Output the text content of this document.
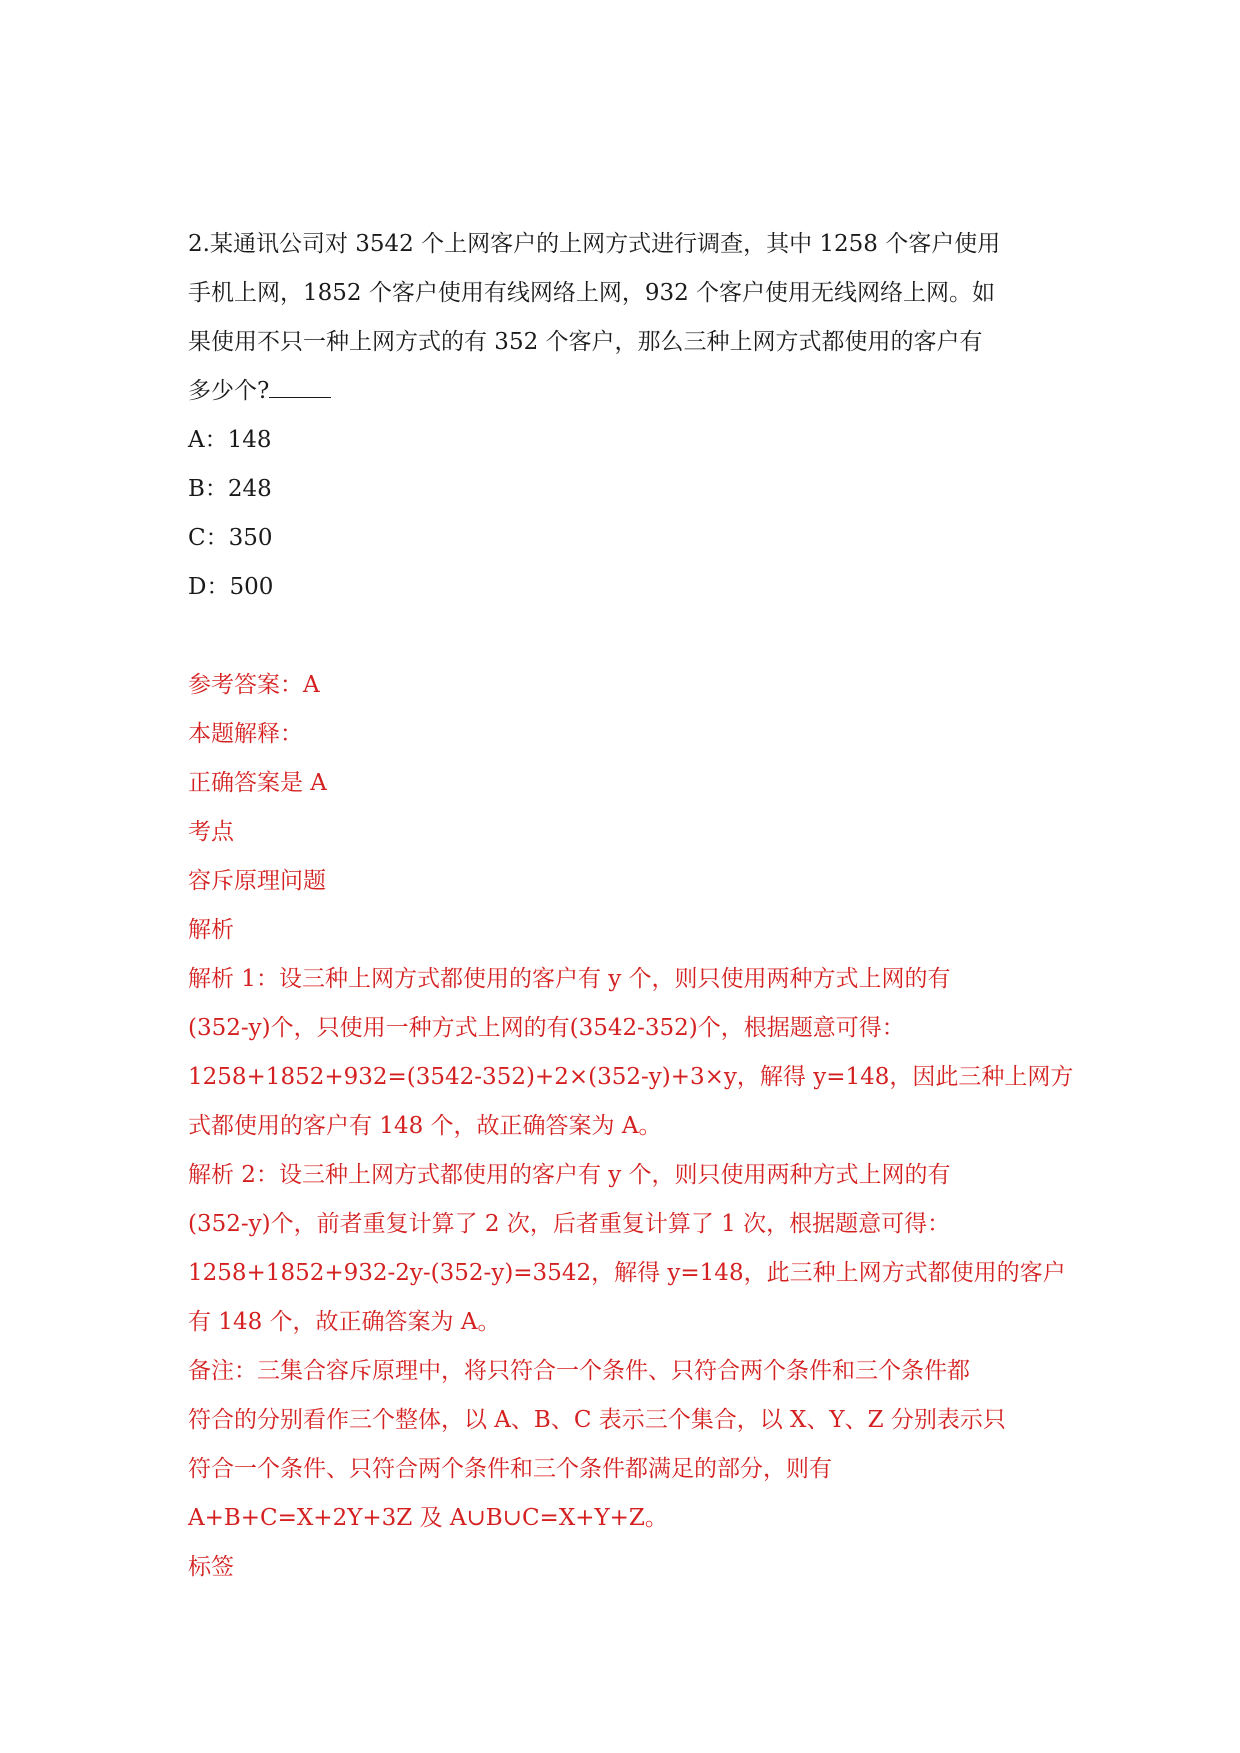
2.某通讯公司对 3542 个上网客户的上网方式进行调查，其中 1258 个客户使用
手机上网，1852 个客户使用有线网络上网，932 个客户使用无线网络上网。如
果使用不只一种上网方式的有 352 个客户，那么三种上网方式都使用的客户有
多少个?
A：148
B：248
C：350
D：500
参考答案：A
本题解释：
正确答案是 A
考点
容斥原理问题
解析
解析 1：设三种上网方式都使用的客户有 y 个，则只使用两种方式上网的有
(352-y)个，只使用一种方式上网的有(3542-352)个，根据题意可得：
1258+1852+932=(3542-352)+2×(352-y)+3×y，解得 y=148，因此三种上网方
式都使用的客户有 148 个，故正确答案为 A。
解析 2：设三种上网方式都使用的客户有 y 个，则只使用两种方式上网的有
(352-y)个，前者重复计算了 2 次，后者重复计算了 1 次，根据题意可得：
1258+1852+932-2y-(352-y)=3542，解得 y=148，此三种上网方式都使用的客户
有 148 个，故正确答案为 A。
备注：三集合容斥原理中，将只符合一个条件、只符合两个条件和三个条件都
符合的分别看作三个整体，以 A、B、C 表示三个集合，以 X、Y、Z 分别表示只
符合一个条件、只符合两个条件和三个条件都满足的部分，则有
A+B+C=X+2Y+3Z 及 A∪B∪C=X+Y+Z。
标签
